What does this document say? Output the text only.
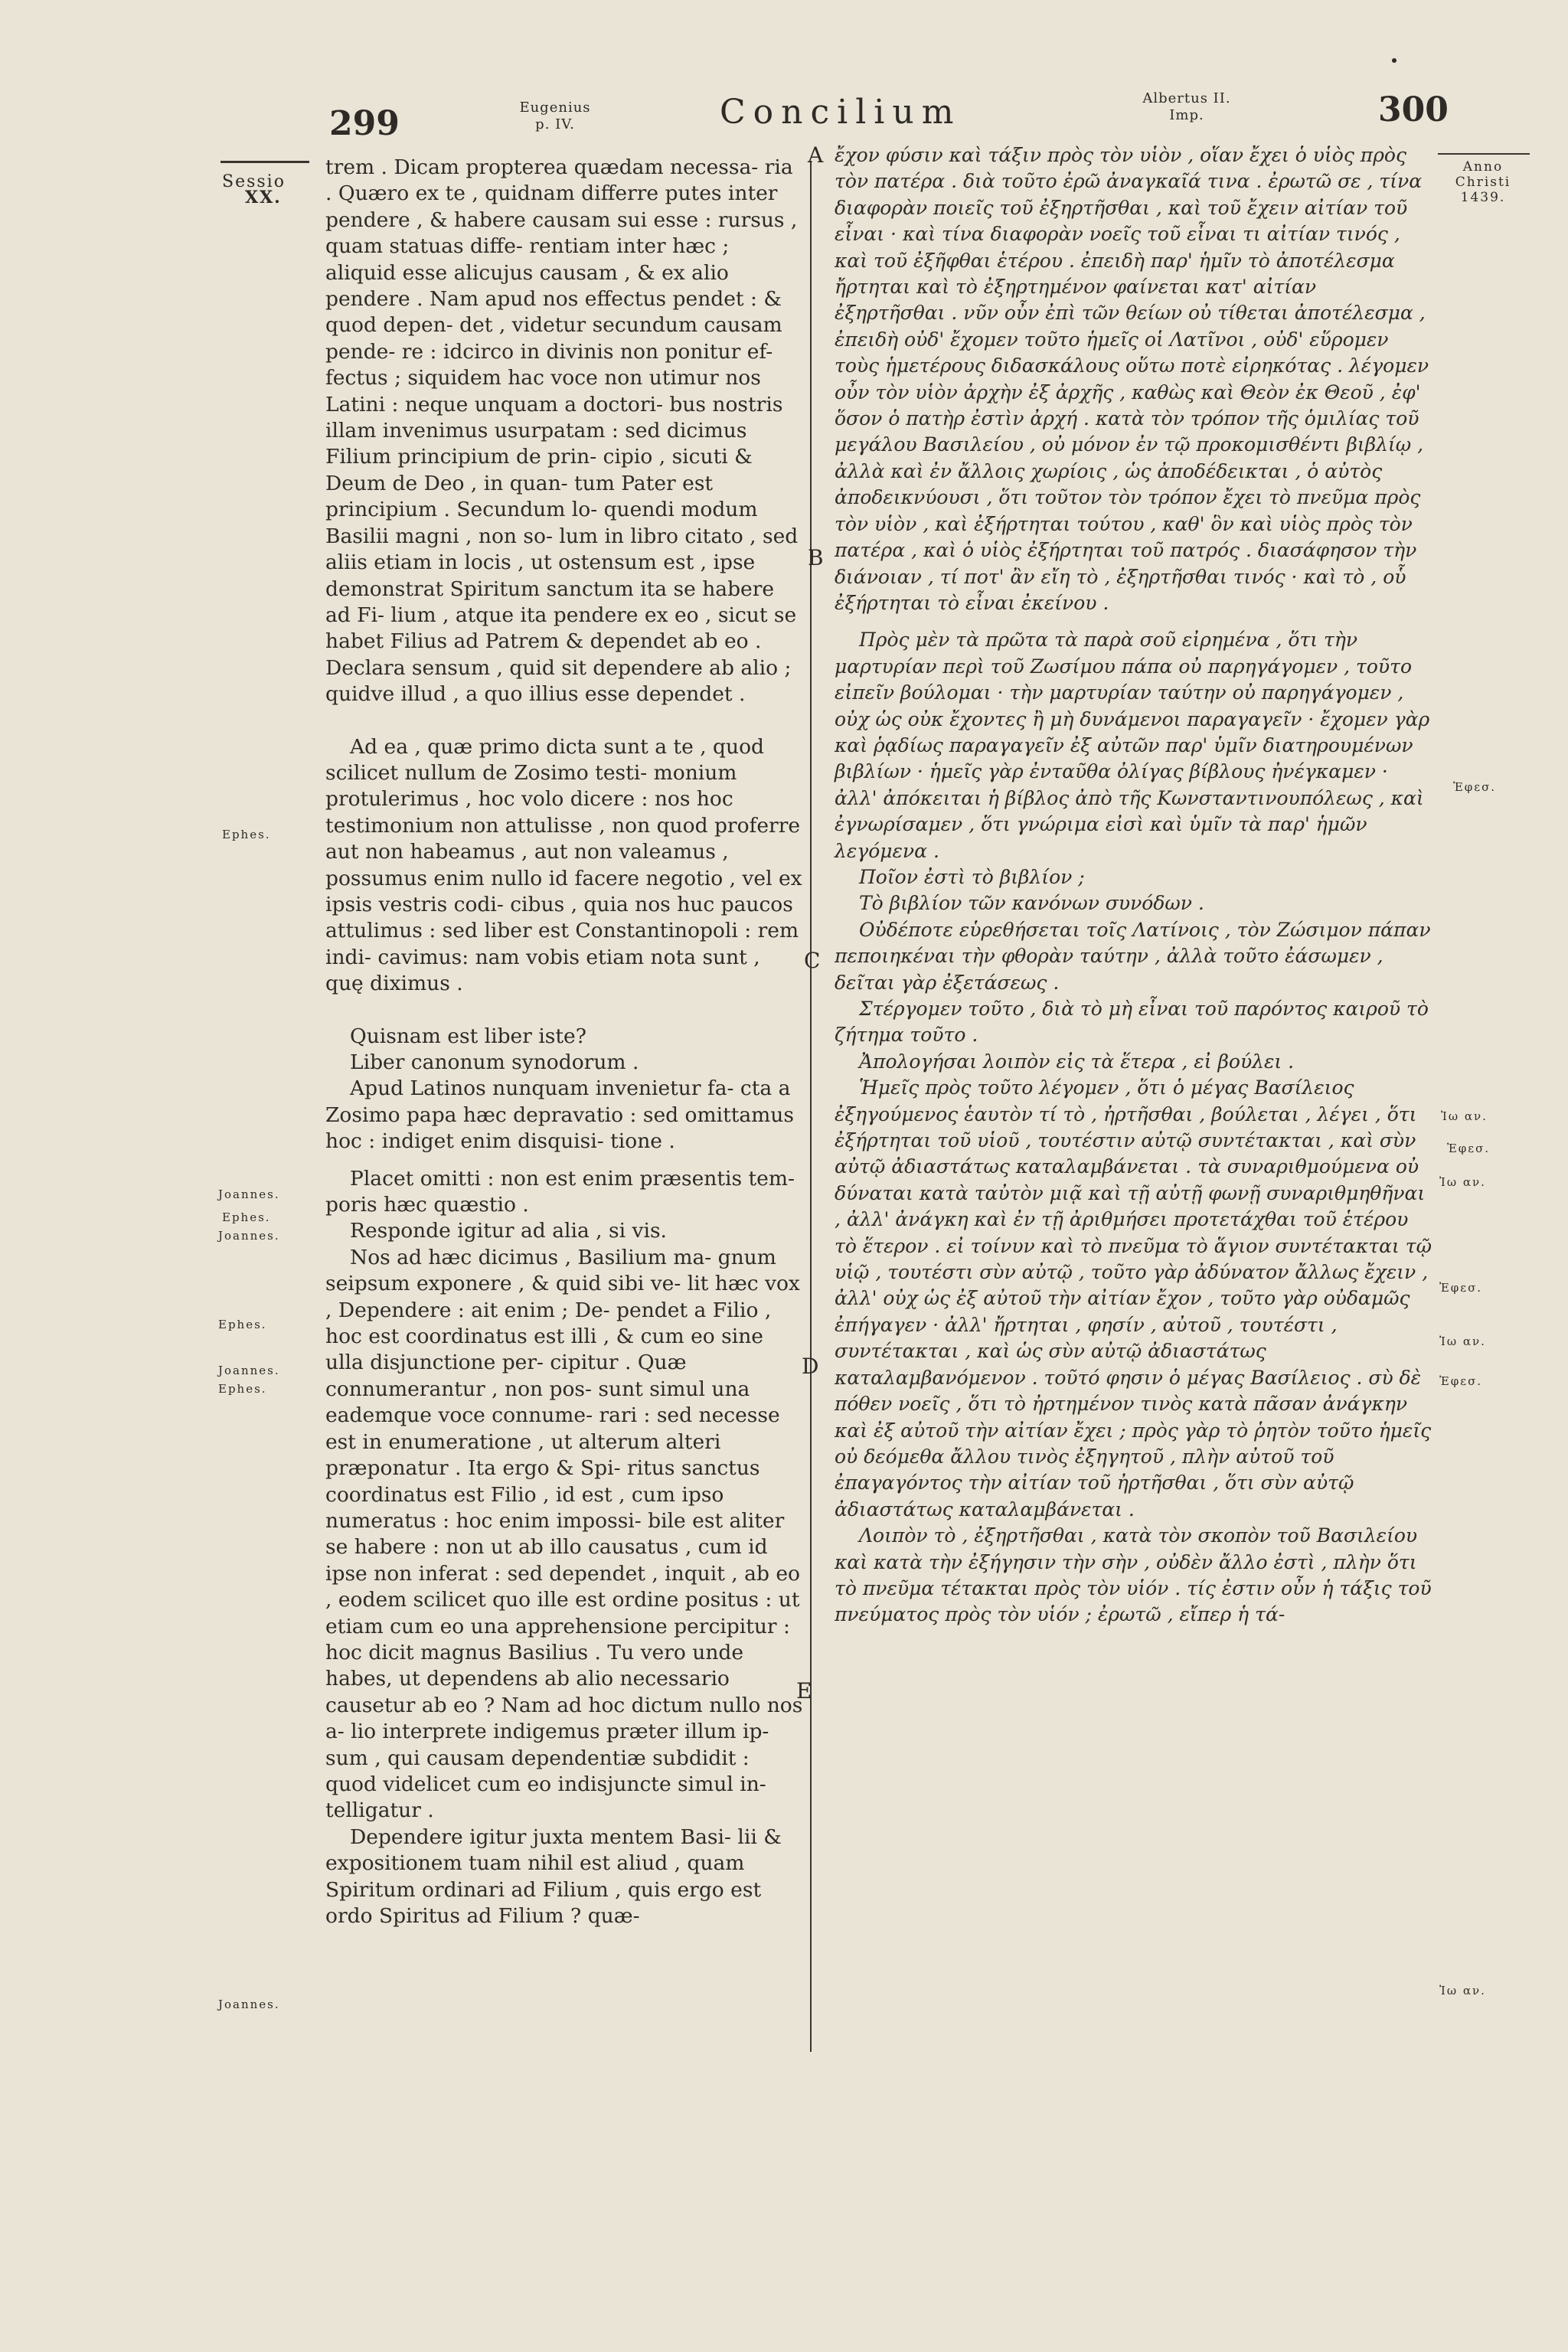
299	Eugenius
p. IV.	Concilium	Albertus II.
Imp.	300
Sessio
XX.
Ephes.
Joannes.
Ephes.
Joannes.
Ephes.
Joannes.
Ephes.
Joannes.
Anno
Christi
1439.
Ἐφεσ.
Ἰω αν.
Ἐφεσ.
Ἰω αν.
Ἐφεσ.
Ἰω αν.
Ἐφεσ.
Ἰω αν.
A
B
C
D
E

trem . Dicam propterea quædam necessa- ria . Quæro ex te , quidnam differre putes inter pendere , & habere causam sui esse : rursus , quam statuas diffe- rentiam inter hæc ; aliquid esse alicujus causam , & ex alio pendere . Nam apud nos effectus pendet : & quod depen- det , videtur secundum causam pende- re : idcirco in divinis non ponitur ef- fectus ; siquidem hac voce non utimur nos Latini : neque unquam a doctori- bus nostris illam invenimus usurpatam : sed dicimus Filium principium de prin- cipio , sicuti & Deum de Deo , in quan- tum Pater est principium . Secundum lo- quendi modum Basilii magni , non so- lum in libro citato , sed aliis etiam in locis , ut ostensum est , ipse demonstrat Spiritum sanctum ita se habere ad Fi- lium , atque ita pendere ex eo , sicut se habet Filius ad Patrem & dependet ab eo . Declara sensum , quid sit dependere ab alio ; quidve illud , a quo illius esse dependet .

Ad ea , quæ primo dicta sunt a te , quod scilicet nullum de Zosimo testi- monium protulerimus , hoc volo dicere : nos hoc testimonium non attulisse , non quod proferre aut non habeamus , aut non valeamus , possumus enim nullo id facere negotio , vel ex ipsis vestris codi- cibus , quia nos huc paucos attulimus : sed liber est Constantinopoli : rem indi- cavimus: nam vobis etiam nota sunt , quę diximus .

Quisnam est liber iste?

Liber canonum synodorum .

Apud Latinos nunquam invenietur fa- cta a Zosimo papa hæc depravatio : sed omittamus hoc : indiget enim disquisi- tione .

Placet omitti : non est enim præsentis tem- poris hæc quæstio .

Responde igitur ad alia , si vis.

Nos ad hæc dicimus , Basilium ma- gnum seipsum exponere , & quid sibi ve- lit hæc vox , Dependere : ait enim ; De- pendet a Filio , hoc est coordinatus est illi , & cum eo sine ulla disjunctione per- cipitur . Quæ connumerantur , non pos- sunt simul una eademque voce connume- rari : sed necesse est in enumeratione , ut alterum alteri præponatur . Ita ergo & Spi- ritus sanctus coordinatus est Filio , id est , cum ipso numeratus : hoc enim impossi- bile est aliter se habere : non ut ab illo causatus , cum id ipse non inferat : sed dependet , inquit , ab eo , eodem scilicet quo ille est ordine positus : ut etiam cum eo una apprehensione percipitur : hoc dicit magnus Basilius . Tu vero unde habes, ut dependens ab alio necessario causetur ab eo ? Nam ad hoc dictum nullo nos a- lio interprete indigemus præter illum ip- sum , qui causam dependentiæ subdidit : quod videlicet cum eo indisjuncte simul in- telligatur .

Dependere igitur juxta mentem Basi- lii & expositionem tuam nihil est aliud , quam Spiritum ordinari ad Filium , quis ergo est ordo Spiritus ad Filium ? quæ-

ἔχον φύσιν καὶ τάξιν πρὸς τὸν υἱὸν , οἵαν ἔχει ὁ υἱὸς πρὸς τὸν πατέρα . διὰ τοῦτο ἐρῶ ἀναγκαῖά τινα . ἐρωτῶ σε , τίνα διαφορὰν ποιεῖς τοῦ ἐξηρτῆσθαι , καὶ τοῦ ἔχειν αἰτίαν τοῦ εἶναι · καὶ τίνα διαφορὰν νοεῖς τοῦ εἶναι τι αἰτίαν τινός , καὶ τοῦ ἐξῆφθαι ἑτέρου . ἐπειδὴ παρ' ἡμῖν τὸ ἀποτέλεσμα ἤρτηται καὶ τὸ ἐξηρτημένον φαίνεται κατ' αἰτίαν ἐξηρτῆσθαι . νῦν οὖν ἐπὶ τῶν θείων οὐ τίθεται ἀποτέλεσμα , ἐπειδὴ οὐδ' ἔχομεν τοῦτο ἡμεῖς οἱ Λατῖνοι , οὐδ' εὕρομεν τοὺς ἡμετέρους διδασκάλους οὕτω ποτὲ εἰρηκότας . λέγομεν οὖν τὸν υἱὸν ἀρχὴν ἐξ ἀρχῆς , καθὼς καὶ Θεὸν ἐκ Θεοῦ , ἐφ' ὅσον ὁ πατὴρ ἐστὶν ἀρχή . κατὰ τὸν τρόπον τῆς ὁμιλίας τοῦ μεγάλου Βασιλείου , οὐ μόνον ἐν τῷ προκομισθέντι βιβλίῳ , ἀλλὰ καὶ ἐν ἄλλοις χωρίοις , ὡς ἀποδέδεικται , ὁ αὐτὸς ἀποδεικνύουσι , ὅτι τοῦτον τὸν τρόπον ἔχει τὸ πνεῦμα πρὸς τὸν υἱὸν , καὶ ἐξήρτηται τούτου , καθ' ὃν καὶ υἱὸς πρὸς τὸν πατέρα , καὶ ὁ υἱὸς ἐξήρτηται τοῦ πατρός . διασάφησον τὴν διάνοιαν , τί ποτ' ἂν εἴη τὸ , ἐξηρτῆσθαι τινός · καὶ τὸ , οὗ ἐξήρτηται τὸ εἶναι ἐκείνου .

Πρὸς μὲν τὰ πρῶτα τὰ παρὰ σοῦ εἰρημένα , ὅτι τὴν μαρτυρίαν περὶ τοῦ Ζωσίμου πάπα οὐ παρηγάγομεν , τοῦτο εἰπεῖν βούλομαι · τὴν μαρτυρίαν ταύτην οὐ παρηγάγομεν , οὐχ ὡς οὐκ ἔχοντες ἢ μὴ δυνάμενοι παραγαγεῖν · ἔχομεν γὰρ καὶ ῥᾳδίως παραγαγεῖν ἐξ αὐτῶν παρ' ὑμῖν διατηρουμένων βιβλίων · ἡμεῖς γὰρ ἐνταῦθα ὀλίγας βίβλους ἠνέγκαμεν · ἀλλ' ἀπόκειται ἡ βίβλος ἀπὸ τῆς Κωνσταντινουπόλεως , καὶ ἐγνωρίσαμεν , ὅτι γνώριμα εἰσὶ καὶ ὑμῖν τὰ παρ' ἡμῶν λεγόμενα .

Ποῖον ἐστὶ τὸ βιβλίον ;

Τὸ βιβλίον τῶν κανόνων συνόδων .

Οὐδέποτε εὑρεθήσεται τοῖς Λατίνοις , τὸν Ζώσιμον πάπαν πεποιηκέναι τὴν φθορὰν ταύτην , ἀλλὰ τοῦτο ἐάσωμεν , δεῖται γὰρ ἐξετάσεως .

Στέργομεν τοῦτο , διὰ τὸ μὴ εἶναι τοῦ παρόντος καιροῦ τὸ ζήτημα τοῦτο .

Ἀπολογήσαι λοιπὸν εἰς τὰ ἕτερα , εἰ βούλει .

Ἡμεῖς πρὸς τοῦτο λέγομεν , ὅτι ὁ μέγας Βασίλειος ἐξηγούμενος ἑαυτὸν τί τὸ , ἠρτῆσθαι , βούλεται , λέγει , ὅτι ἐξήρτηται τοῦ υἱοῦ , τουτέστιν αὐτῷ συντέτακται , καὶ σὺν αὐτῷ ἀδιαστάτως καταλαμβάνεται . τὰ συναριθμούμενα οὐ δύναται κατὰ ταὐτὸν μιᾷ καὶ τῇ αὐτῇ φωνῇ συναριθμηθῆναι , ἀλλ' ἀνάγκη καὶ ἐν τῇ ἀριθμήσει προτετάχθαι τοῦ ἑτέρου τὸ ἕτερον . εἰ τοίνυν καὶ τὸ πνεῦμα τὸ ἅγιον συντέτακται τῷ υἱῷ , τουτέστι σὺν αὐτῷ , τοῦτο γὰρ ἀδύνατον ἄλλως ἔχειν , ἀλλ' οὐχ ὡς ἐξ αὐτοῦ τὴν αἰτίαν ἔχον , τοῦτο γὰρ οὐδαμῶς ἐπήγαγεν · ἀλλ' ἤρτηται , φησίν , αὐτοῦ , τουτέστι , συντέτακται , καὶ ὡς σὺν αὐτῷ ἀδιαστάτως καταλαμβανόμενον . τοῦτό φησιν ὁ μέγας Βασίλειος . σὺ δὲ πόθεν νοεῖς , ὅτι τὸ ἠρτημένον τινὸς κατὰ πᾶσαν ἀνάγκην καὶ ἐξ αὐτοῦ τὴν αἰτίαν ἔχει ; πρὸς γὰρ τὸ ῥητὸν τοῦτο ἡμεῖς οὐ δεόμεθα ἄλλου τινὸς ἐξηγητοῦ , πλὴν αὐτοῦ τοῦ ἐπαγαγόντος τὴν αἰτίαν τοῦ ἠρτῆσθαι , ὅτι σὺν αὐτῷ ἀδιαστάτως καταλαμβάνεται .

Λοιπὸν τὸ , ἐξηρτῆσθαι , κατὰ τὸν σκοπὸν τοῦ Βασιλείου καὶ κατὰ τὴν ἐξήγησιν τὴν σὴν , οὐδὲν ἄλλο ἐστὶ , πλὴν ὅτι τὸ πνεῦμα τέτακται πρὸς τὸν υἱόν . τίς ἐστιν οὖν ἡ τάξις τοῦ πνεύματος πρὸς τὸν υἱόν ; ἐρωτῶ , εἴπερ ἡ τά-
